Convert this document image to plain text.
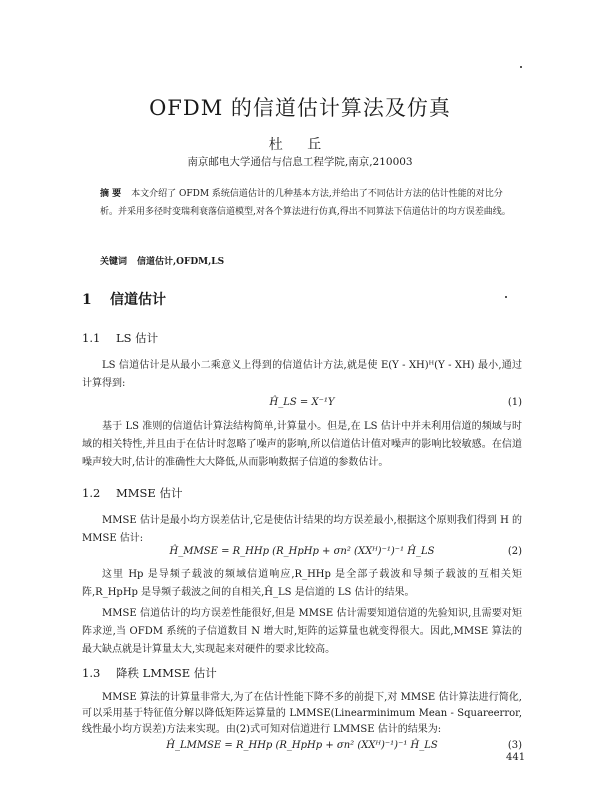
OFDM 的信道估计算法及仿真
杜 丘
南京邮电大学通信与信息工程学院,南京,210003
摘 要 本文介绍了 OFDM 系统信道估计的几种基本方法,并给出了不同估计方法的估计性能的对比分析。并采用多径时变瑞利衰落信道模型,对各个算法进行仿真,得出不同算法下信道估计的均方误差曲线。
关键词 信道估计,OFDM,LS
1 信道估计
1.1 LS 估计
LS 信道估计是从最小二乘意义上得到的信道估计方法,就是使 E(Y - XH)ᴴ(Y - XH) 最小,通过计算得到:
Ĥ_LS = X⁻¹Y	(1)
基于 LS 准则的信道估计算法结构简单,计算量小。但是,在 LS 估计中并未利用信道的频域与时域的相关特性,并且由于在估计时忽略了噪声的影响,所以信道估计值对噪声的影响比较敏感。在信道噪声较大时,估计的准确性大大降低,从而影响数据子信道的参数估计。
1.2 MMSE 估计
MMSE 估计是最小均方误差估计,它是使估计结果的均方误差最小,根据这个原则我们得到 H 的 MMSE 估计:
Ĥ_MMSE = R_HHp (R_HpHp + σn² (XXᴴ)⁻¹)⁻¹ Ĥ_LS	(2)
这里 Hp 是导频子载波的频域信道响应,R_HHp 是全部子载波和导频子载波的互相关矩阵,R_HpHp 是导频子载波之间的自相关,Ĥ_LS 是信道的 LS 估计的结果。
MMSE 信道估计的均方误差性能很好,但是 MMSE 估计需要知道信道的先验知识,且需要对矩阵求逆,当 OFDM 系统的子信道数目 N 增大时,矩阵的运算量也就变得很大。因此,MMSE 算法的最大缺点就是计算量太大,实现起来对硬件的要求比较高。
1.3 降秩 LMMSE 估计
MMSE 算法的计算量非常大,为了在估计性能下降不多的前提下,对 MMSE 估计算法进行简化,可以采用基于特征值分解以降低矩阵运算量的 LMMSE(Linearminimum Mean - Squareerror,线性最小均方误差)方法来实现。由(2)式可知对信道进行 LMMSE 估计的结果为:
Ĥ_LMMSE = R_HHp (R_HpHp + σn² (XXᴴ)⁻¹)⁻¹ Ĥ_LS	(3)
441
